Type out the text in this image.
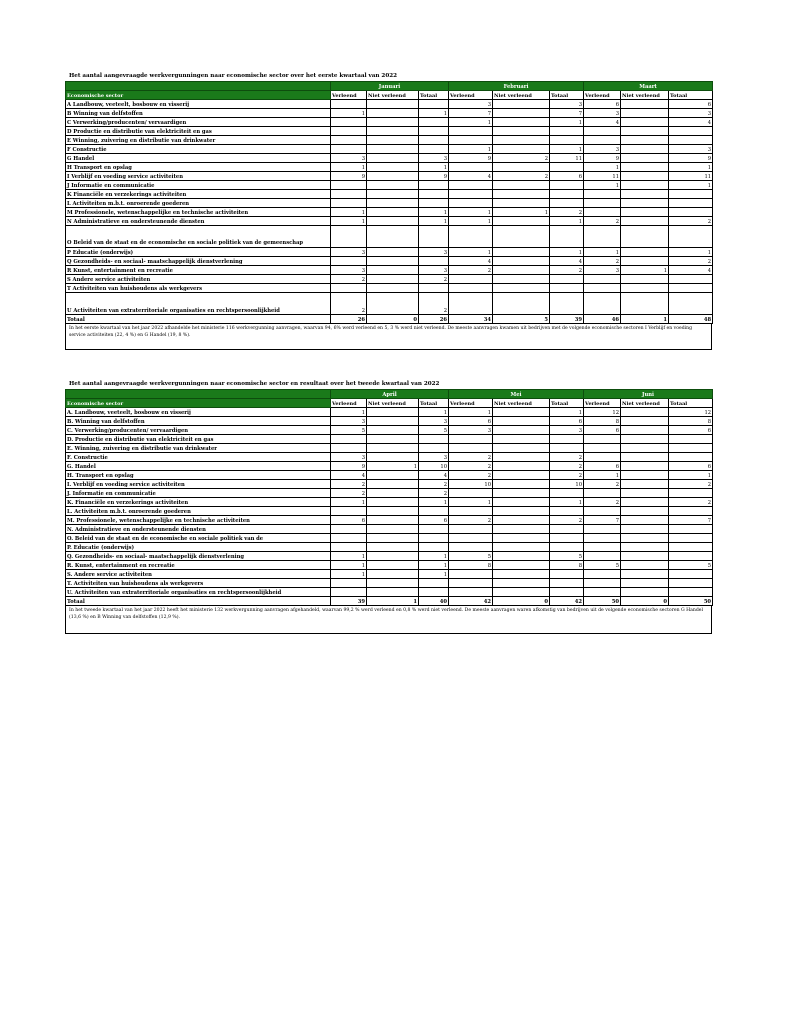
Het aantal aangevraagde werkvergunningen naar economische sector over het eerste kwartaal van 2022
	Januari			Februari			Maart		
Economische sector	Verleend	Niet verleend	Totaal	Verleend	Niet verleend	Totaal	Verleend	Niet verleend	Totaal
A Landbouw, veeteelt, bosbouw en visserij				3		3	6		6
B Winning van delfstoffen	1		1	7		7	3		3
C Verwerking/producenten/ vervaardigen				1		1	4		4
D Productie en distributie van elektriciteit en gas									
E Winning, zuivering en distributie van drinkwater									
F Constructie				1		1	3		3
G Handel	3		3	9	2	11	9		9
H Transport en opslag	1		1				1		1
I Verblijf en voeding service activiteiten	9		9	4	2	6	11		11
J Informatie en communicatie							1		1
K Financiële en verzekerings activiteiten									
L Activiteiten m.b.t. onroerende goederen									
M Professionele, wetenschappelijke en technische activiteiten	1		1	1	1	2			
N Administratieve en ondersteunende diensten	1		1	1		1	2		2
O Beleid van de staat en de economische en sociale politiek van de gemeenschap									
P Educatie (onderwijs)	3		3	1		1	1		1
Q Gezondheids- en sociaal- maatschappelijk dienstverlening				4		4	2		2
R Kunst, entertainment en recreatie	3		3	2		2	3	1	4
S Andere service activiteiten	2		2						
T Activiteiten van huishoudens als werkgevers									
U Activiteiten van extraterritoriale organisaties en rechtspersoonlijkheid	2		2						
Totaal	26	0	26	34	5	39	46	1	48
In het eerste kwartaal van het jaar 2022 afhandelde het ministerie 116 werkvergunning aanvragen, waarvan 94, 6% werd verleend en 5, 3 % werd niet verleend. De meeste aanvragen kwamen uit bedrijven met de volgende economische sectoren I Verblijf en voeding service activiteiten (22, 4 %) en G Handel (19, 8 %).
Het aantal aangevraagde werkvergunningen naar economische sector en resultaat over het tweede kwartaal van 2022
	April			Mei			Juni		
Economische sector	Verleend	Niet verleend	Totaal	Verleend	Niet verleend	Totaal	Verleend	Niet verleend	Totaal
A. Landbouw, veeteelt, bosbouw en visserij	1		1	1		1	12		12
B. Winning van delfstoffen	3		3	6		6	8		8
C. Verwerking/producenten/ vervaardigen	5		5	3		3	6		6
D. Productie en distributie van elektriciteit en gas									
E. Winning, zuivering en distributie van drinkwater									
F. Constructie	3		3	2		2			
G. Handel	9	1	10	2		2	6		6
H. Transport en opslag	4		4	2		2	1		1
I. Verblijf en voeding service activiteiten	2		2	10		10	2		2
J. Informatie en communicatie	2		2						
K. Financiële en verzekerings activiteiten	1		1	1		1	2		2
L. Activiteiten m.b.t. onroerende goederen									
M. Professionele, wetenschappelijke en technische activiteiten	6		6	2		2	7		7
N. Administratieve en ondersteunende diensten									
O. Beleid van de staat en de economische en sociale politiek van de									
P. Educatie (onderwijs)									
Q. Gezondheids- en sociaal- maatschappelijk dienstverlening	1		1	5		5			
R. Kunst, entertainment en recreatie	1		1	8		8	5		5
S. Andere service activiteiten	1		1						
T. Activiteiten van huishoudens als werkgevers									
U. Activiteiten van extraterritoriale organisaties en rechtspersoonlijkheid									
Totaal	39	1	40	42	0	42	50	0	50
In het tweede kwartaal van het jaar 2022 heeft het ministerie 132 werkvergunning aanvragen afgehandeld, waarvan 99,2 % werd verleend en 0,8 % werd niet verleend. De meeste aanvragen waren afkomstig van bedrijven uit de volgende economische sectoren G Handel (13,6 %) en B Winning van delfstoffen (12,9 %).
